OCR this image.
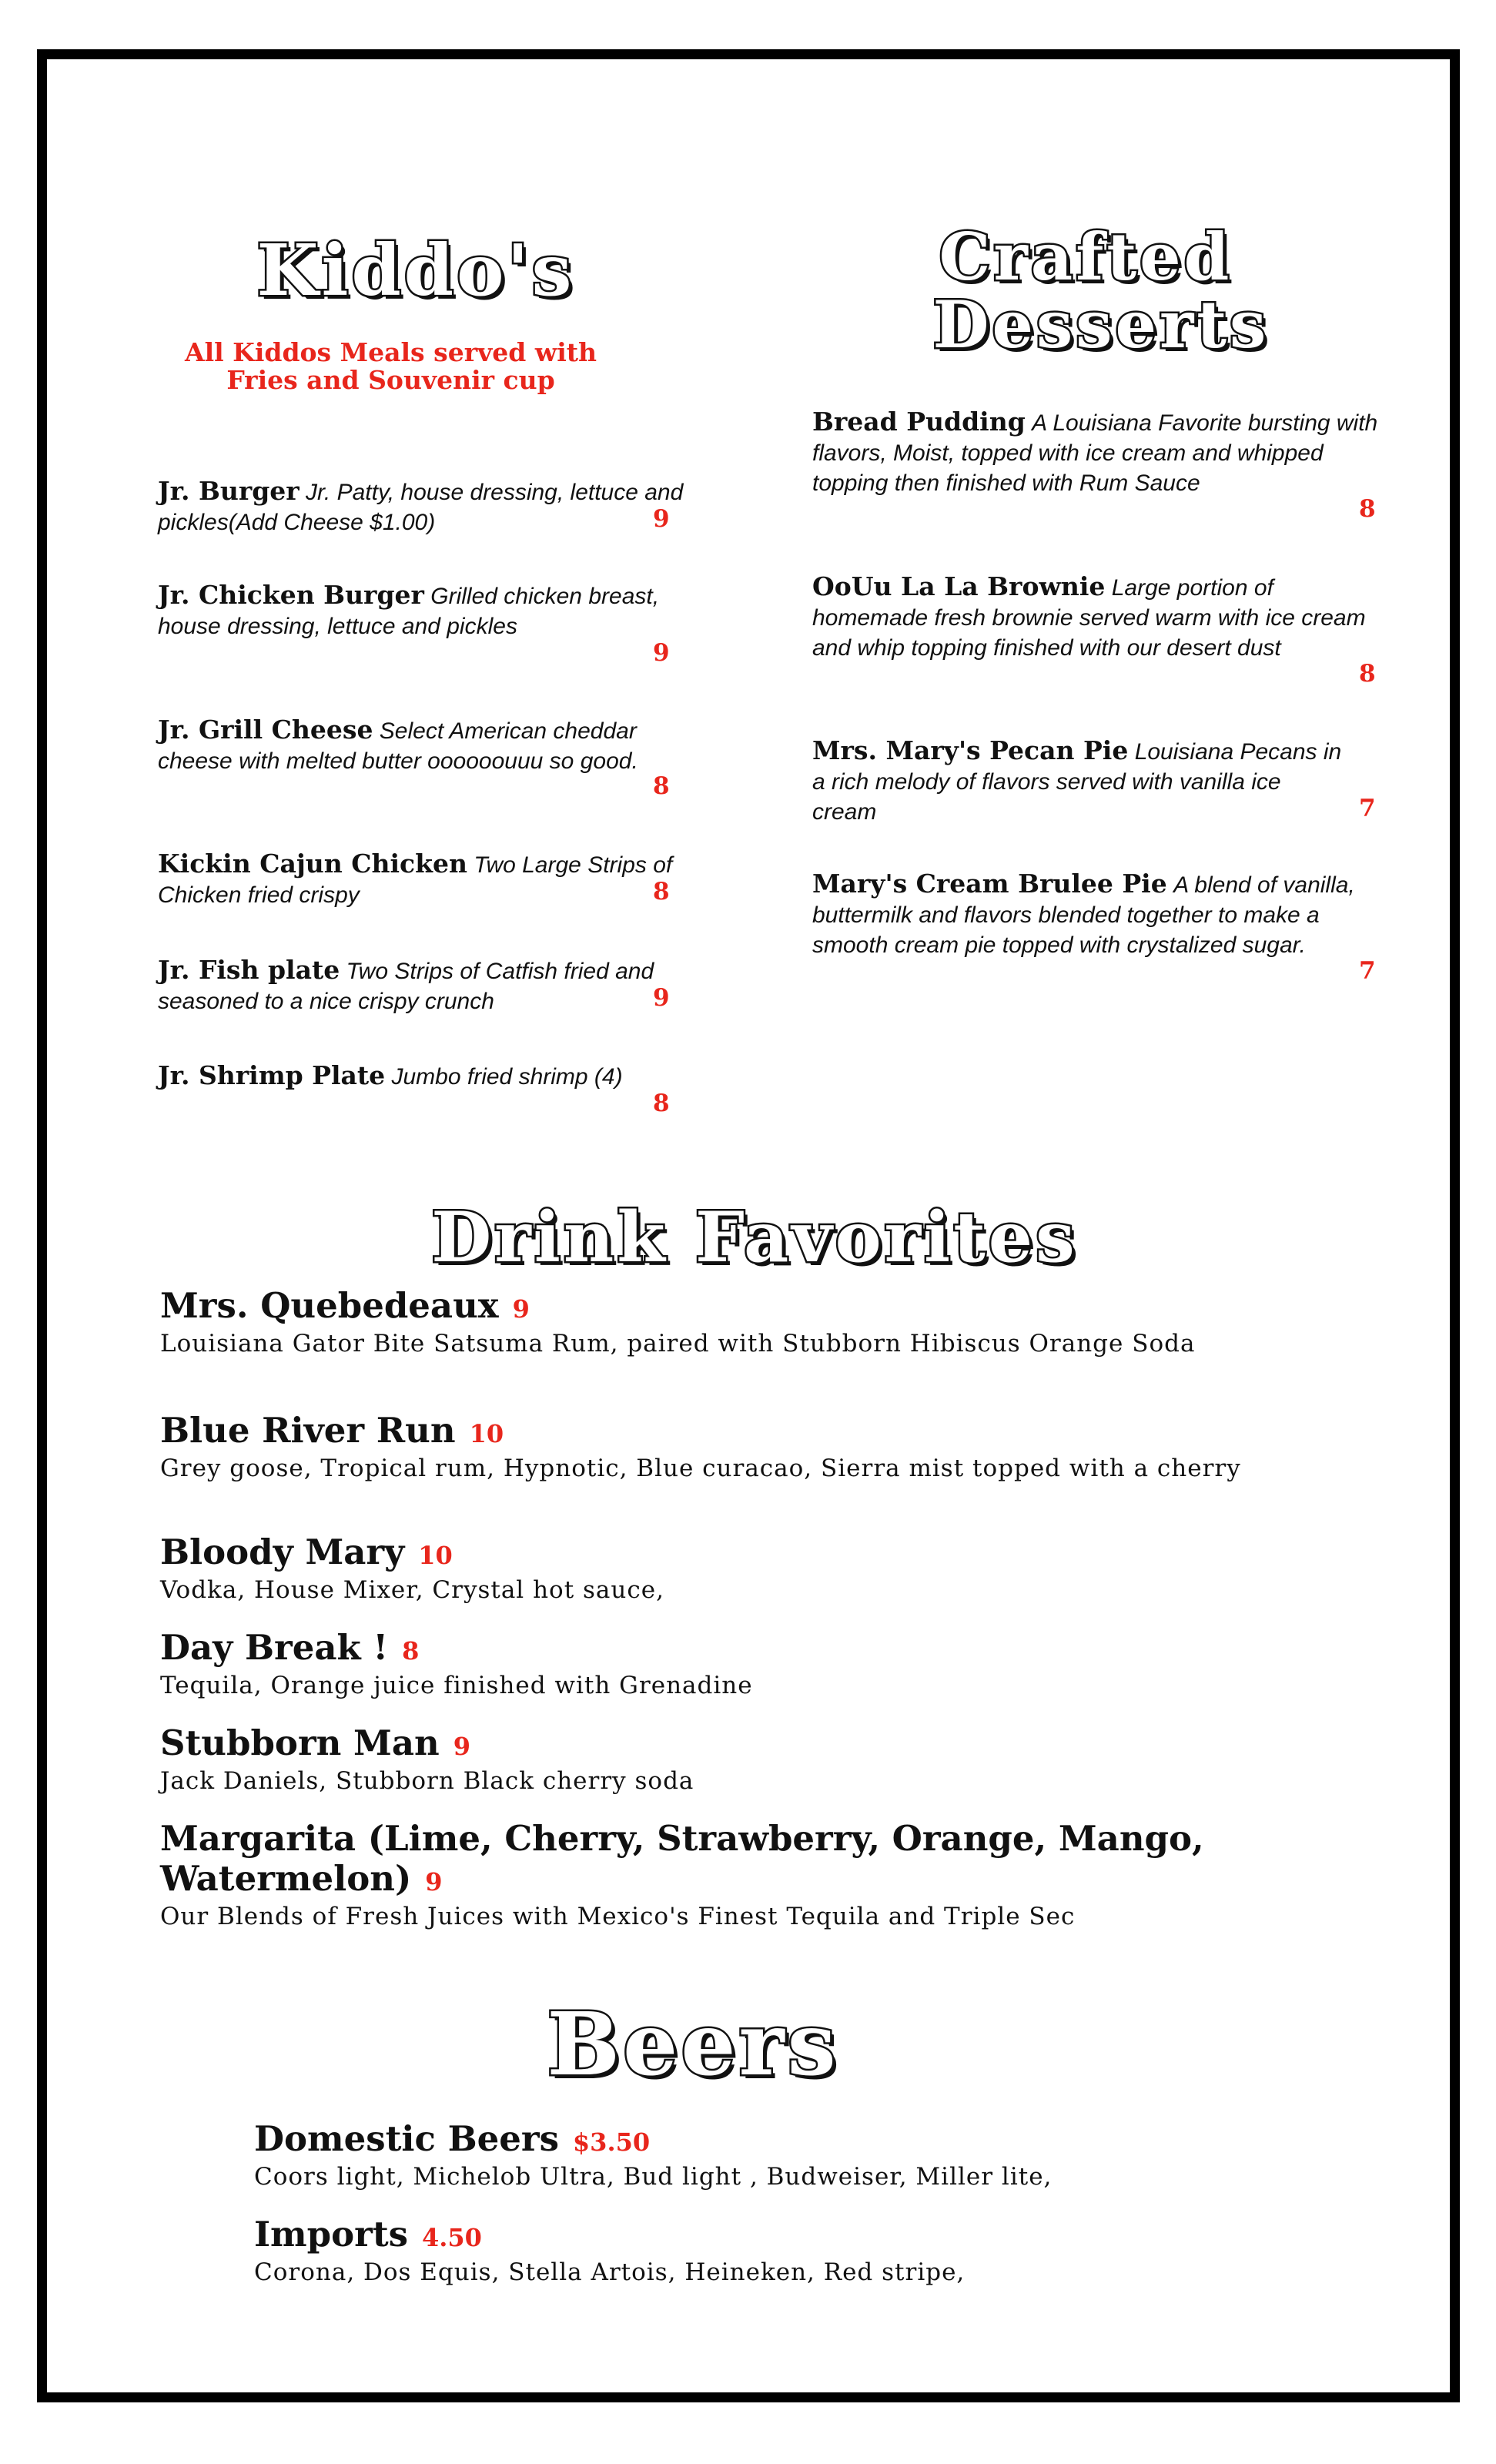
Kiddo's
All Kiddos Meals served with Fries and Souvenir cup
Jr. Burger Jr. Patty, house dressing, lettuce and pickles(Add Cheese $1.00)	9
Jr. Chicken Burger Grilled chicken breast, house dressing, lettuce and pickles
9
Jr. Grill Cheese Select American cheddar cheese with melted butter oooooouuu so good.
8
Kickin Cajun Chicken Two Large Strips of Chicken fried crispy	8
Jr. Fish plate Two Strips of Catfish fried and seasoned to a nice crispy crunch	9
Jr. Shrimp Plate Jumbo fried shrimp (4)
8
Crafted
Desserts
Bread Pudding A Louisiana Favorite bursting with flavors, Moist, topped with ice cream and whipped topping then finished with Rum Sauce
8
OoUu La La Brownie Large portion of homemade fresh brownie served warm with ice cream and whip topping finished with our desert dust
8
Mrs. Mary's Pecan Pie Louisiana Pecans in a rich melody of flavors served with vanilla ice cream	7
Mary's Cream Brulee Pie A blend of vanilla, buttermilk and flavors blended together to make a smooth cream pie topped with crystalized sugar.
7
Drink Favorites
Mrs. Quebedeaux 9
Louisiana Gator Bite Satsuma Rum, paired with Stubborn Hibiscus Orange Soda
Blue River Run 10
Grey goose, Tropical rum, Hypnotic, Blue curacao, Sierra mist topped with a cherry
Bloody Mary 10
Vodka, House Mixer, Crystal hot sauce,
Day Break ! 8
Tequila, Orange juice finished with Grenadine
Stubborn Man 9
Jack Daniels, Stubborn Black cherry soda
Margarita (Lime, Cherry, Strawberry, Orange, Mango, Watermelon) 9
Our Blends of Fresh Juices with Mexico's Finest Tequila and Triple Sec
Beers
Domestic Beers $3.50
Coors light, Michelob Ultra, Bud light , Budweiser, Miller lite,
Imports 4.50
Corona, Dos Equis, Stella Artois, Heineken, Red stripe,
